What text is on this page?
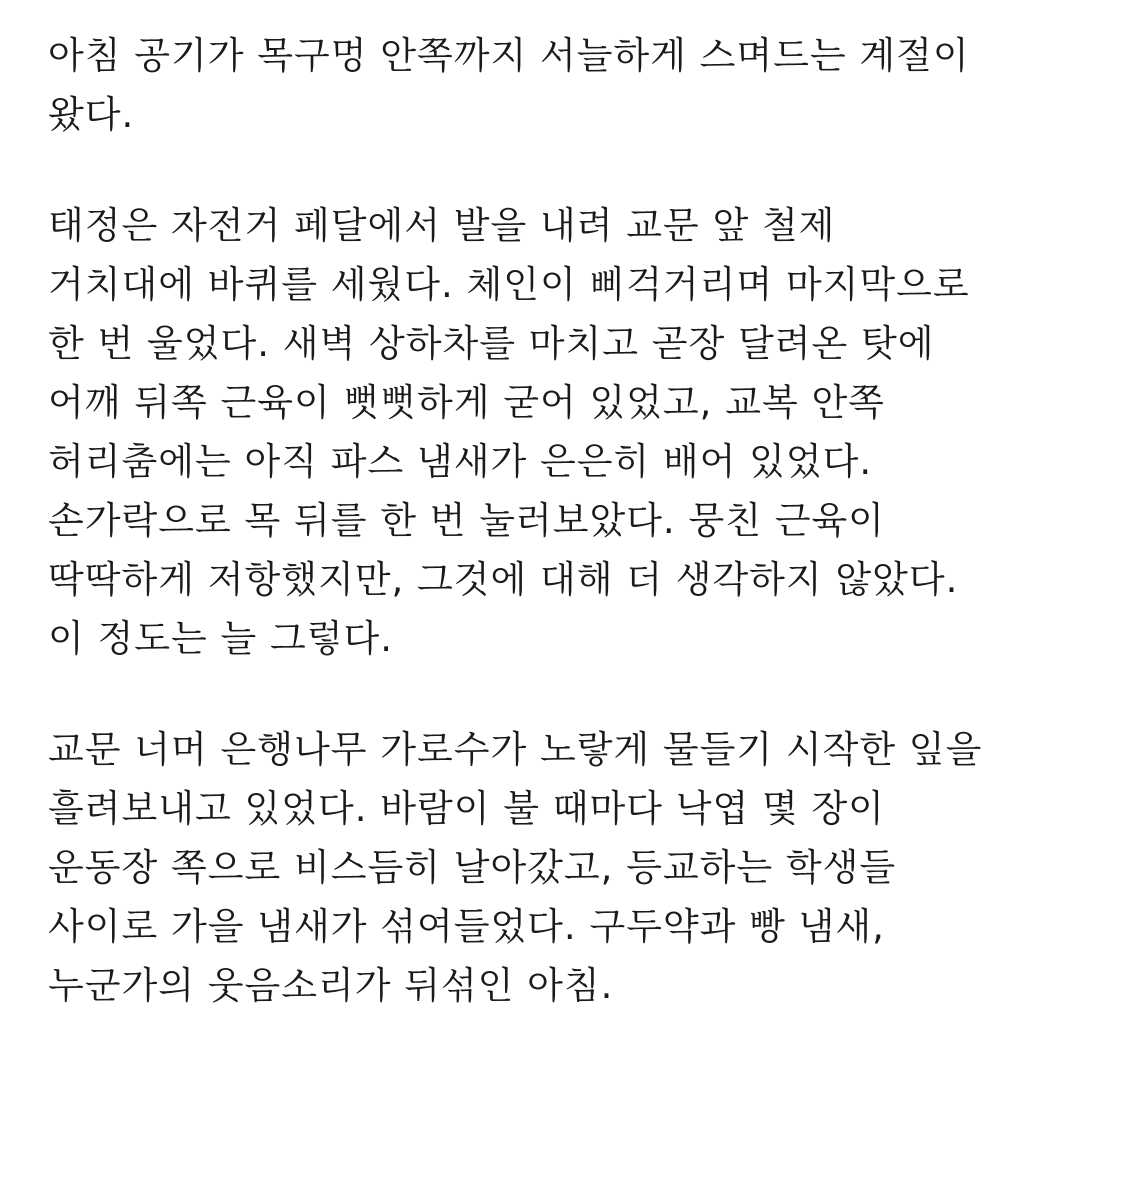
아침 공기가 목구멍 안쪽까지 서늘하게 스며드는 계절이
왔다.

태정은 자전거 페달에서 발을 내려 교문 앞 철제
거치대에 바퀴를 세웠다. 체인이 삐걱거리며 마지막으로
한 번 울었다. 새벽 상하차를 마치고 곧장 달려온 탓에
어깨 뒤쪽 근육이 뻣뻣하게 굳어 있었고, 교복 안쪽
허리춤에는 아직 파스 냄새가 은은히 배어 있었다.
손가락으로 목 뒤를 한 번 눌러보았다. 뭉친 근육이
딱딱하게 저항했지만, 그것에 대해 더 생각하지 않았다.
이 정도는 늘 그렇다.

교문 너머 은행나무 가로수가 노랗게 물들기 시작한 잎을
흘려보내고 있었다. 바람이 불 때마다 낙엽 몇 장이
운동장 쪽으로 비스듬히 날아갔고, 등교하는 학생들
사이로 가을 냄새가 섞여들었다. 구두약과 빵 냄새,
누군가의 웃음소리가 뒤섞인 아침.
